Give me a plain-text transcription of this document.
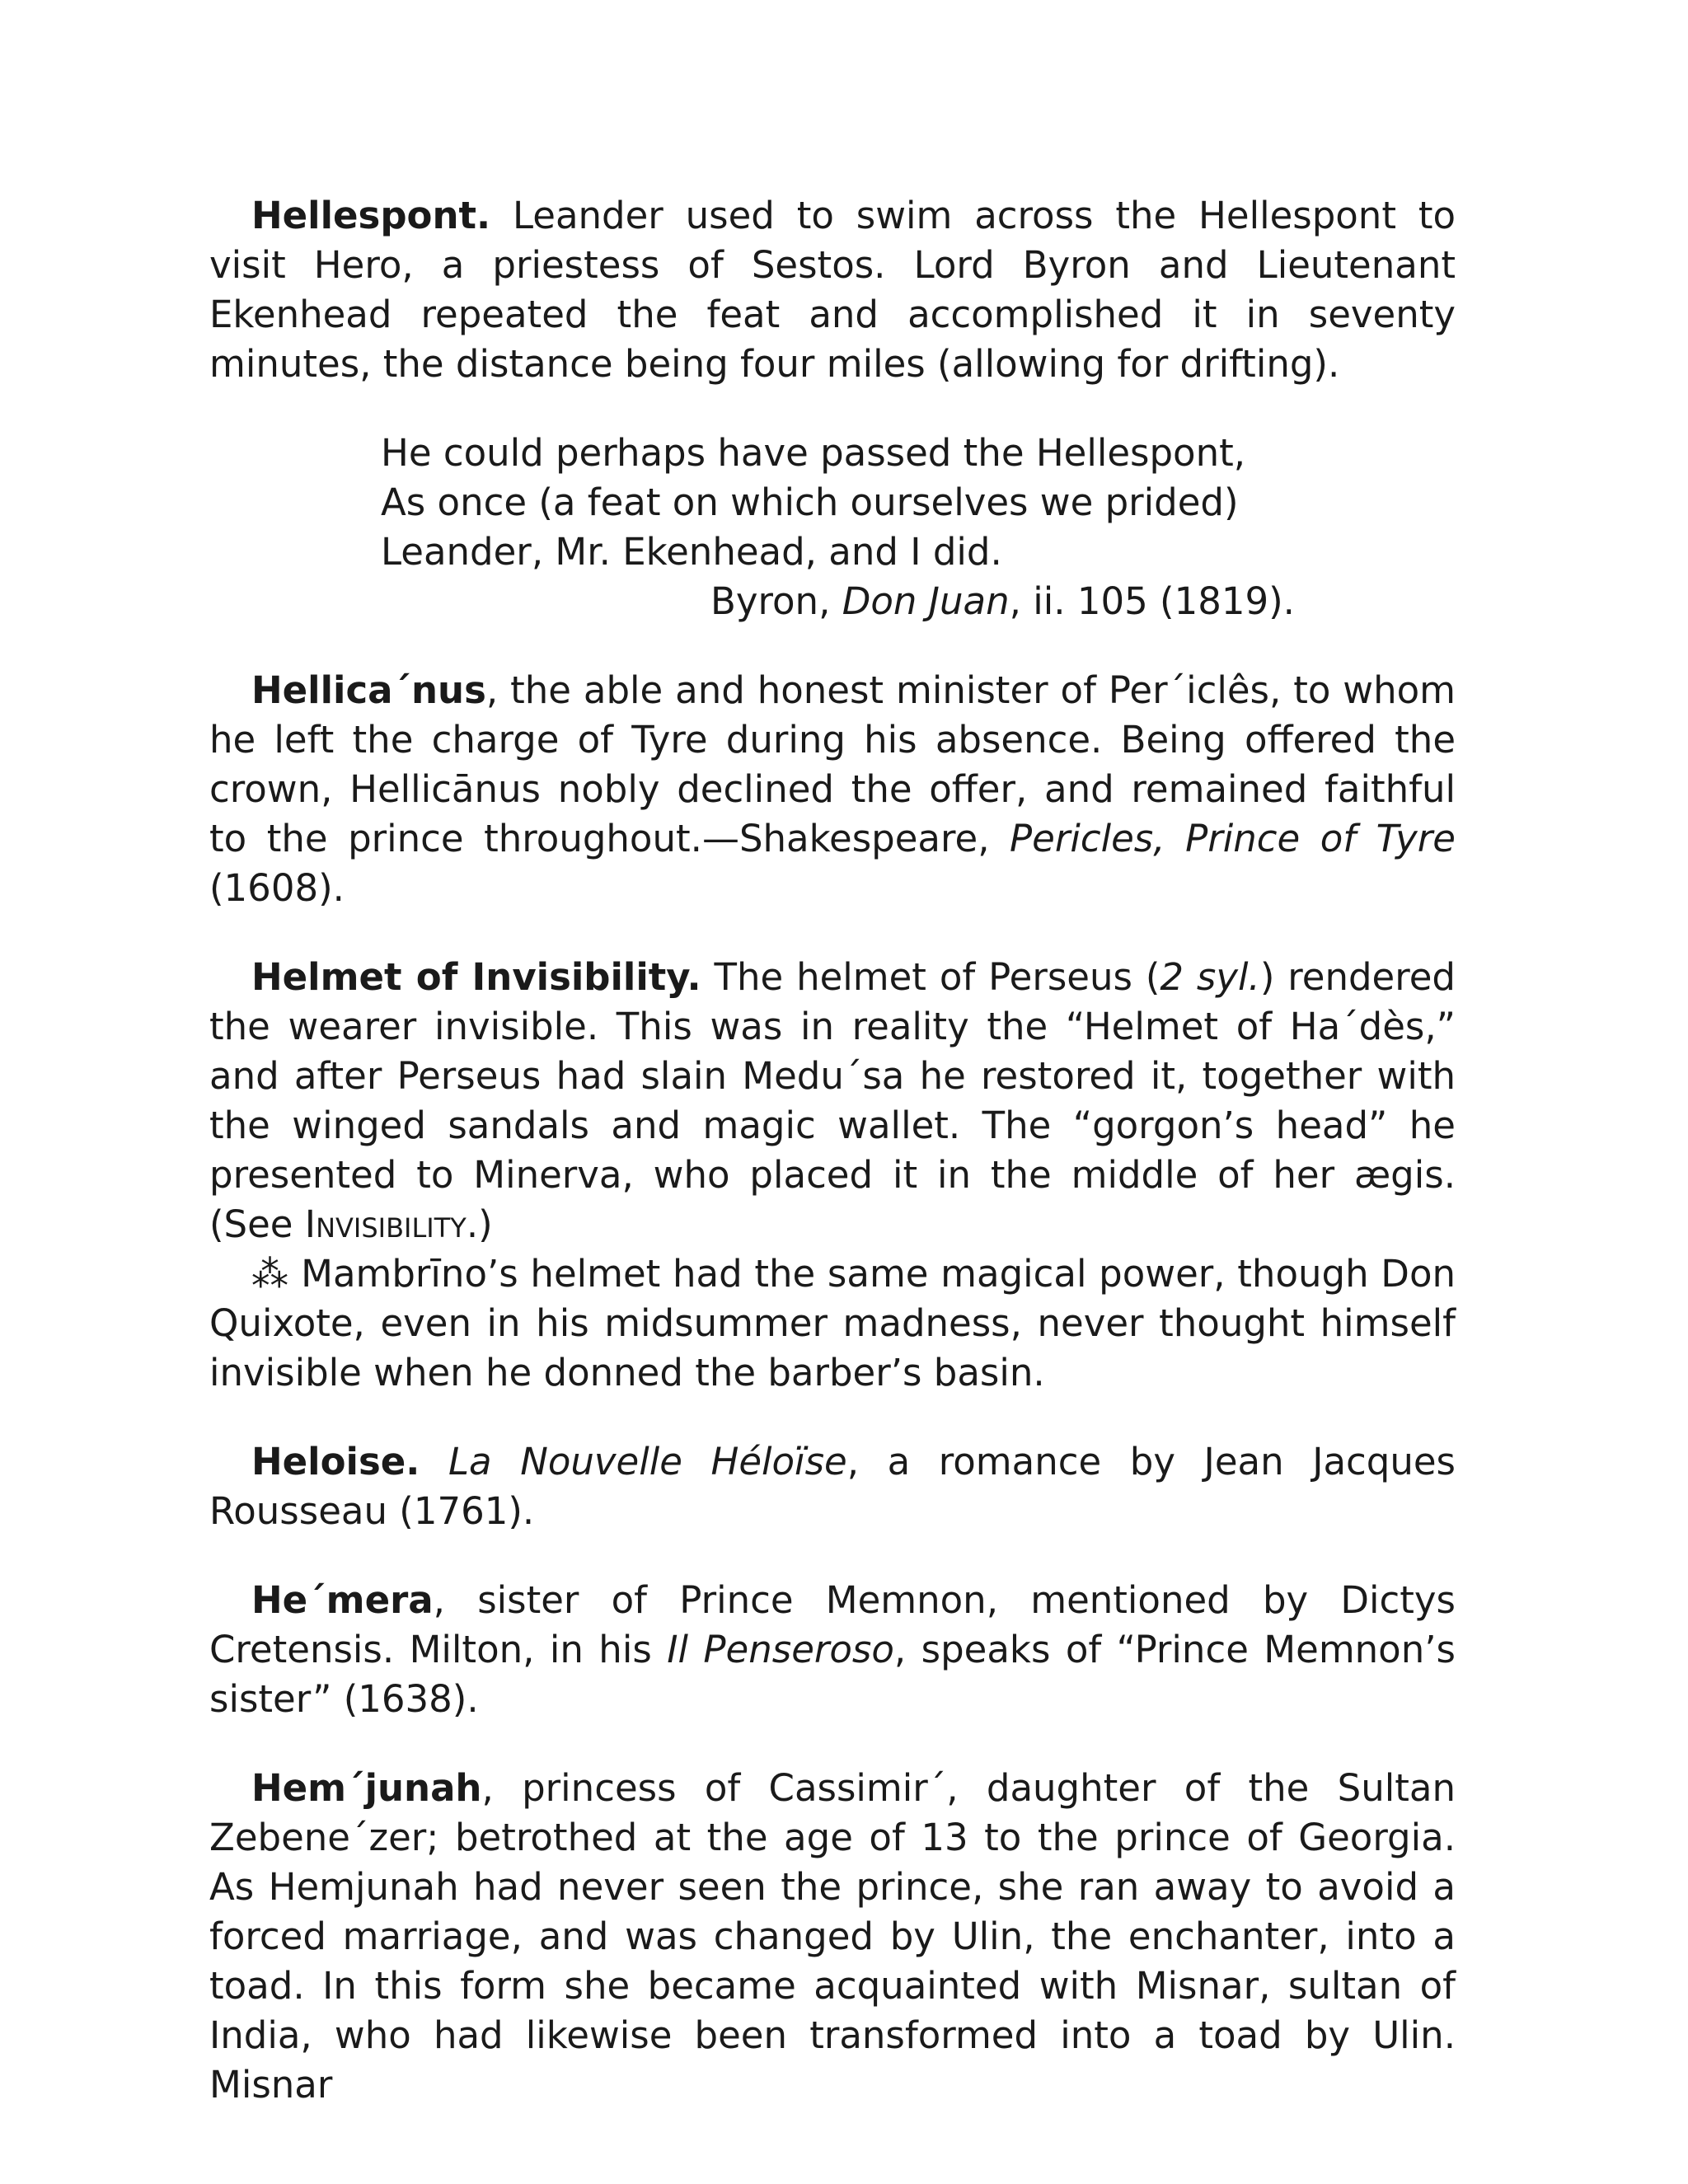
Hellespont. Leander used to swim across the Hellespont to visit Hero, a priestess of Sestos. Lord Byron and Lieutenant Ekenhead repeated the feat and accomplished it in seventy minutes, the distance being four miles (allowing for drifting).

He could perhaps have passed the Hellespont,
As once (a feat on which ourselves we prided)
Leander, Mr. Ekenhead, and I did.
Byron, Don Juan, ii. 105 (1819).

Hellica´nus, the able and honest minister of Per´iclês, to whom he left the charge of Tyre during his absence. Being offered the crown, Hellicānus nobly declined the offer, and remained faithful to the prince throughout.—Shakespeare, Pericles, Prince of Tyre (1608).

Helmet of Invisibility. The helmet of Perseus (2 syl.) rendered the wearer invisible. This was in reality the “Helmet of Ha´dès,” and after Perseus had slain Medu´sa he restored it, together with the winged sandals and magic wallet. The “gorgon’s head” he presented to Minerva, who placed it in the middle of her ægis. (See Invisibility.)

⁂ Mambrīno’s helmet had the same magical power, though Don Quixote, even in his midsummer madness, never thought himself invisible when he donned the barber’s basin.

Heloise. La Nouvelle Héloïse, a romance by Jean Jacques Rousseau (1761).

He´mera, sister of Prince Memnon, mentioned by Dictys Cretensis. Milton, in his Il Penseroso, speaks of “Prince Memnon’s sister” (1638).

Hem´junah, princess of Cassimir´, daughter of the Sultan Zebene´zer; betrothed at the age of 13 to the prince of Georgia. As Hemjunah had never seen the prince, she ran away to avoid a forced marriage, and was changed by Ulin, the enchanter, into a toad. In this form she became acquainted with Misnar, sultan of India, who had likewise been transformed into a toad by Ulin. Misnar
